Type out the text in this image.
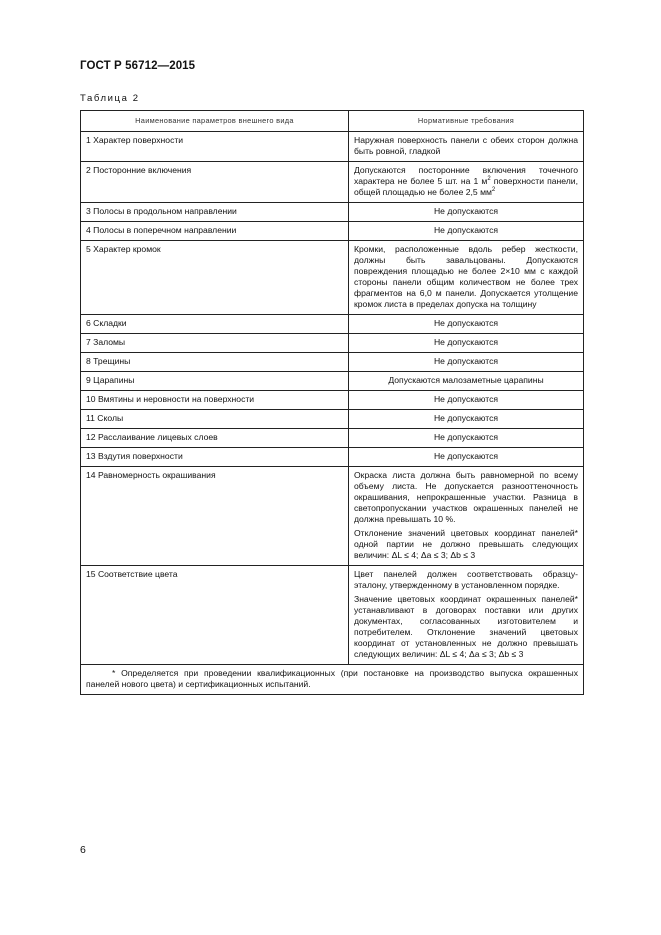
ГОСТ Р 56712—2015
Таблица 2
Наименование параметров внешнего вида	Нормативные требования
1 Характер поверхности	Наружная поверхность панели с обеих сторон должна быть ровной, гладкой

2 Посторонние включения	Допускаются посторонние включения точечного характера не более 5 шт. на 1 $м^2$ поверхности панели, общей площадью не более 2,5 $мм^2$

3 Полосы в продольном направлении	Не допускаются

4 Полосы в поперечном направлении	Не допускаются

5 Характер кромок	Кромки, расположенные вдоль ребер жесткости, должны быть завальцованы. Допускаются повреждения площадью не более 2×10 мм с каждой стороны панели общим количеством не более трех фрагментов на 6,0 м панели. Допускается утолщение кромок листа в пределах допуска на толщину

6 Складки	Не допускаются

7 Заломы	Не допускаются

8 Трещины	Не допускаются

9 Царапины	Допускаются малозаметные царапины

10 Вмятины и неровности на поверхности	Не допускаются

11 Сколы	Не допускаются

12 Расслаивание лицевых слоев	Не допускаются

13 Вздутия поверхности	Не допускаются

14 Равномерность окрашивания	Окраска листа должна быть равномерной по всему объему листа. Не допускается разнооттеночность окрашивания, непрокрашенные участки. Разница в светопропускании участков окрашенных панелей не должна превышать 10 %.

Отклонение значений цветовых координат панелей* одной партии не должно превышать следующих величин: ΔL ≤ 4; Δa ≤ 3; Δb ≤ 3

15 Соответствие цвета	Цвет панелей должен соответствовать образцу-эталону, утвержденному в установленном порядке.

Значение цветовых координат окрашенных панелей* устанавливают в договорах поставки или других документах, согласованных изготовителем и потребителем. Отклонение значений цветовых координат от установленных не должно превышать следующих величин: ΔL ≤ 4; Δa ≤ 3; Δb ≤ 3

* Определяется при проведении квалификационных (при постановке на производство выпуска окрашенных панелей нового цвета) и сертификационных испытаний.	
6
